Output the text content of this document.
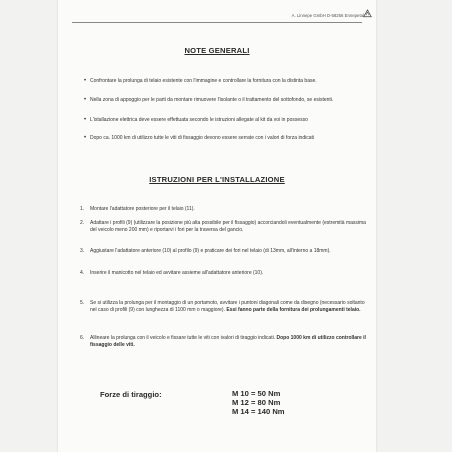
A. Linnepe GmbH D-58256 Ennepetal
NOTE GENERALI
• Confrontare la prolunga di telaio esistente con l'immagine e controllare la fornitura con la distinta base.
• Nella zona di appoggio per le parti da montare rimuovere l'isolante o il trattamento del sottofondo, se esistenti.
• L'istallazione elettrica deve essere effettuata secondo le istruzioni allegate al kit da voi in possesso
• Dopo ca. 1000 km di utilizzo tutte le viti di fissaggio devono essere serrate con i valori di forza indicati
ISTRUZIONI PER L'INSTALLAZIONE
1. Montare l'adattatore posteriore per il telaio (11).
2. Adattare i profili (9) (utilizzare la posizione più alta possibile per il fissaggio) accorciandoli eventualmente (estremità massima del veicolo meno 200 mm) e riportarvi i fori per la traversa del gancio.
3. Aggiustare l'adattatore anteriore (10) al profilo (9) e praticare dei fori nel telaio (di 13mm, all'interno a 18mm).
4. Inserire il manicotto nel telaio ed avvitare assieme all'adattatore anteriore (10).
5. Se si utilizza la prolunga per il montaggio di un portamoto, avvitare i puntoni diagonali come da disegno (necessario soltanto nel caso di profili (9) con lunghezza di 1100 mm o maggiore). Essi fanno parte della fornitura dei prolungamenti telaio.
6. Allineare la prolunga con il veicolo e fissare tutte le viti con ivalori di tiraggio indicati. Dopo 1000 km di utilizzo controllare il fissaggio delle viti.
Forze di tiraggio:	M 10 = 50 Nm
M 12 = 80 Nm
M 14 = 140 Nm
